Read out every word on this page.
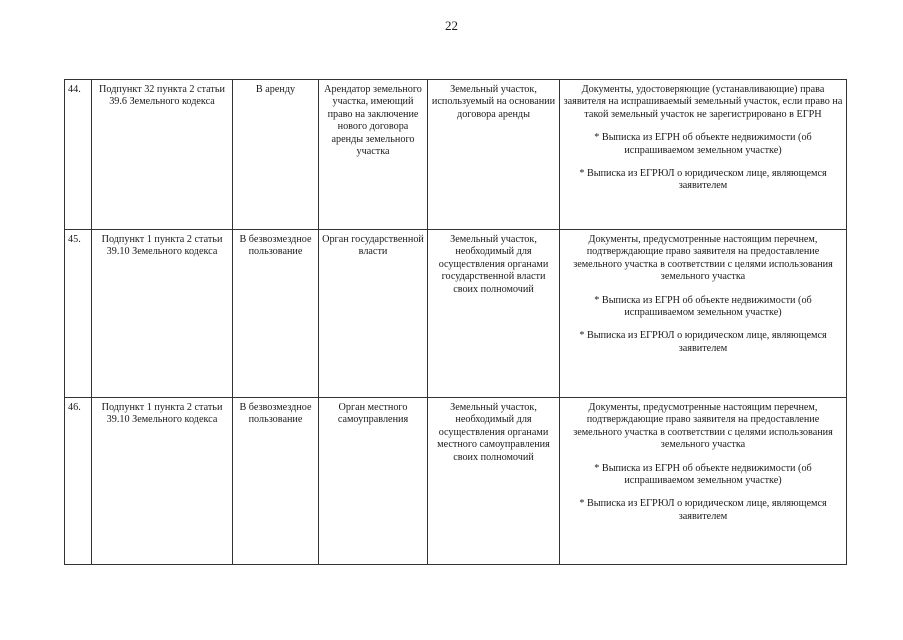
22
44.	Подпункт 32 пункта 2 статьи 39.6 Земельного кодекса	В аренду	Арендатор земельного участка, имеющий право на заключение нового договора аренды земельного участка	Земельный участок, используемый на основании договора аренды	Документы, удостоверяющие (устанавливающие) права заявителя на испрашиваемый земельный участок, если право на такой земельный участок не зарегистрировано в ЕГРН
* Выписка из ЕГРН об объекте недвижимости (об испрашиваемом земельном участке)
* Выписка из ЕГРЮЛ о юридическом лице, являющемся заявителем

45.	Подпункт 1 пункта 2 статьи 39.10 Земельного кодекса	В безвозмездное пользование	Орган государственной власти	Земельный участок, необходимый для осуществления органами государственной власти своих полномочий	Документы, предусмотренные настоящим перечнем, подтверждающие право заявителя на предоставление земельного участка в соответствии с целями использования земельного участка
* Выписка из ЕГРН об объекте недвижимости (об испрашиваемом земельном участке)
* Выписка из ЕГРЮЛ о юридическом лице, являющемся заявителем

46.	Подпункт 1 пункта 2 статьи 39.10 Земельного кодекса	В безвозмездное пользование	Орган местного самоуправления	Земельный участок, необходимый для осуществления органами местного самоуправления своих полномочий	Документы, предусмотренные настоящим перечнем, подтверждающие право заявителя на предоставление земельного участка в соответствии с целями использования земельного участка
* Выписка из ЕГРН об объекте недвижимости (об испрашиваемом земельном участке)
* Выписка из ЕГРЮЛ о юридическом лице, являющемся заявителем
